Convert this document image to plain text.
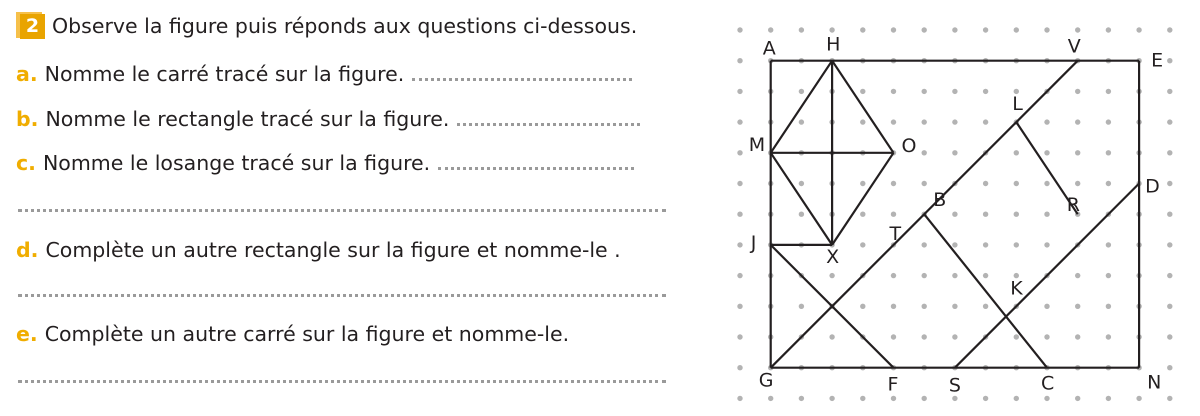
2 Observe la figure puis réponds aux questions ci-dessous.
a. Nomme le carré tracé sur la figure.
b. Nomme le rectangle tracé sur la figure.
c. Nomme le losange tracé sur la figure.
d. Complète un autre rectangle sur la figure et nomme-le .
e. Complète un autre carré sur la figure et nomme-le.
A	H	V
E
M	O
L
D
B	R
T
J
X
K
G	F	S	C	N
